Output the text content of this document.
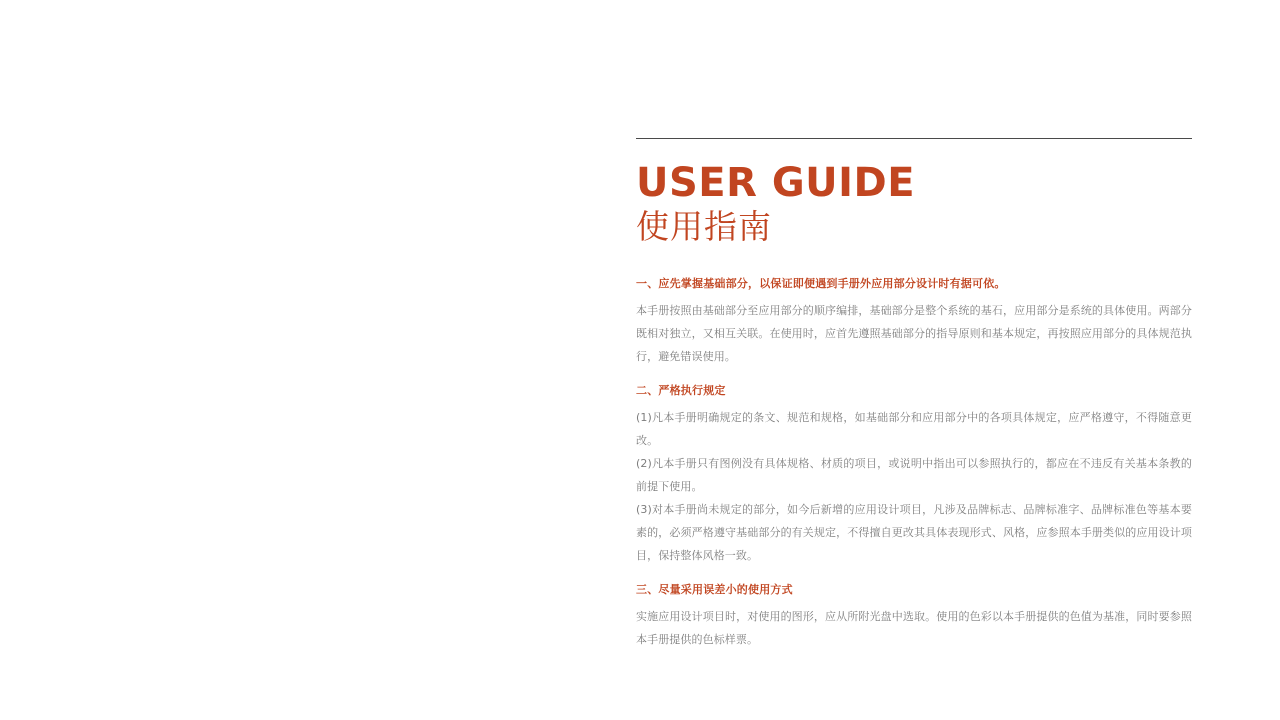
USER GUIDE
使用指南

一、应先掌握基础部分，以保证即便遇到手册外应用部分设计时有据可依。

本手册按照由基础部分至应用部分的顺序编排，基础部分是整个系统的基石，应用部分是系统的具体使用。两部分既相对独立，又相互关联。在使用时，应首先遵照基础部分的指导原则和基本规定，再按照应用部分的具体规范执行，避免错误使用。

二、严格执行规定

(1)凡本手册明确规定的条文、规范和规格，如基础部分和应用部分中的各项具体规定，应严格遵守，不得随意更改。

(2)凡本手册只有图例没有具体规格、材质的项目，或说明中指出可以参照执行的，都应在不违反有关基本条教的前提下使用。

(3)对本手册尚未规定的部分，如今后新增的应用设计项目，凡涉及品牌标志、品牌标准字、品牌标准色等基本要素的，必须严格遵守基础部分的有关规定，不得擅自更改其具体表现形式、风格，应参照本手册类似的应用设计项目，保持整体风格一致。

三、尽量采用误差小的使用方式

实施应用设计项目时，对使用的图形，应从所附光盘中选取。使用的色彩以本手册提供的色值为基准，同时要参照本手册提供的色标样票。
